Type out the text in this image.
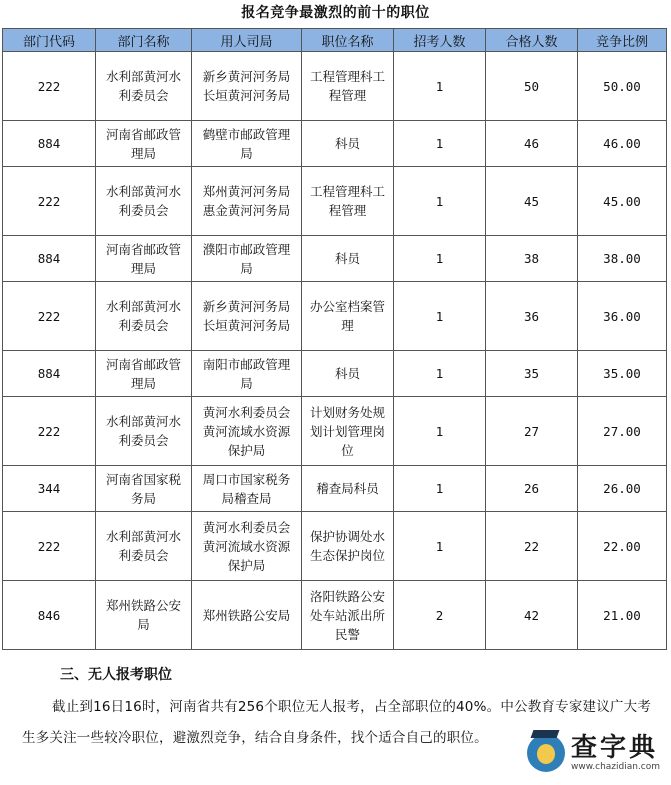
报名竞争最激烈的前十的职位
部门代码	部门名称	用人司局	职位名称	招考人数	合格人数	竞争比例
222	水利部黄河水利委员会	新乡黄河河务局长垣黄河河务局	工程管理科工程管理	1	50	50.00
884	河南省邮政管理局	鹤壁市邮政管理局	科员	1	46	46.00
222	水利部黄河水利委员会	郑州黄河河务局惠金黄河河务局	工程管理科工程管理	1	45	45.00
884	河南省邮政管理局	濮阳市邮政管理局	科员	1	38	38.00
222	水利部黄河水利委员会	新乡黄河河务局长垣黄河河务局	办公室档案管理	1	36	36.00
884	河南省邮政管理局	南阳市邮政管理局	科员	1	35	35.00
222	水利部黄河水利委员会	黄河水利委员会黄河流域水资源保护局	计划财务处规划计划管理岗位	1	27	27.00
344	河南省国家税务局	周口市国家税务局稽查局	稽查局科员	1	26	26.00
222	水利部黄河水利委员会	黄河水利委员会黄河流域水资源保护局	保护协调处水生态保护岗位	1	22	22.00
846	郑州铁路公安局	郑州铁路公安局	洛阳铁路公安处车站派出所民警	2	42	21.00
三、无人报考职位
截止到16日16时，河南省共有256个职位无人报考，占全部职位的40%。中公教育专家建议广大考生多关注一些较冷职位，避激烈竞争，结合自身条件，找个适合自己的职位。	查字典
www.chazidian.com
